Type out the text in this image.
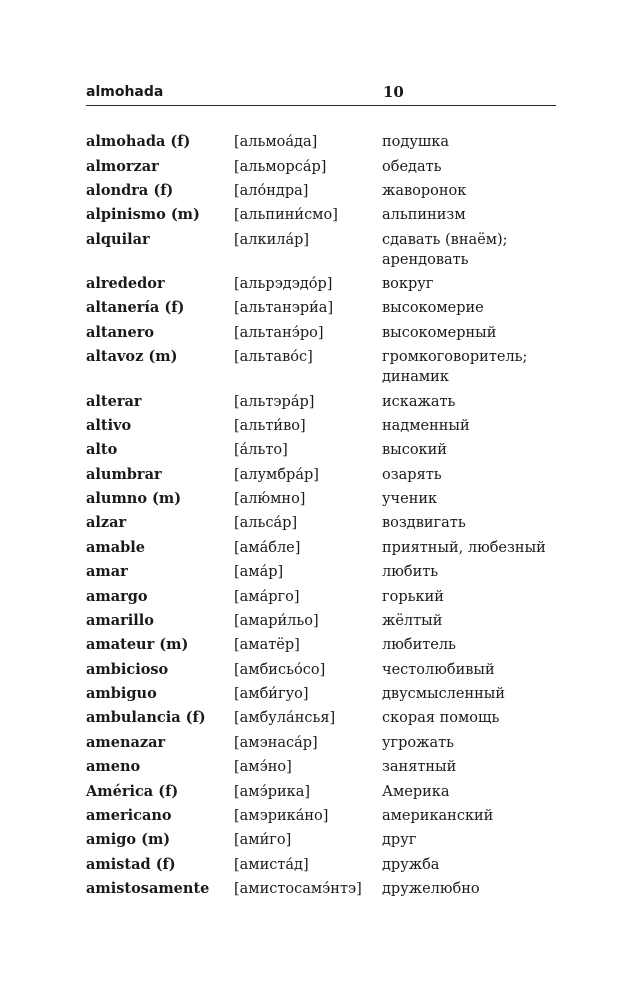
almohada	10
almohada (f)	[альмоа́да]	подушка
almorzar	[альморса́р]	обедать
alondra (f)	[ало́ндра]	жаворонок
alpinismo (m)	[альпини́смо]	альпинизм
alquilar	[алкила́р]	сдавать (внаём); арендовать
alrededor	[альрэдэдо́р]	вокруг
altanería (f)	[альтанэри́а]	высокомерие
altanero	[альтанэ́ро]	высокомерный
altavoz (m)	[альтаво́с]	громкоговоритель; динамик
alterar	[альтэра́р]	искажать
altivo	[альти́во]	надменный
alto	[а́льто]	высокий
alumbrar	[алумбра́р]	озарять
alumno (m)	[алю́мно]	ученик
alzar	[альса́р]	воздвигать
amable	[ама́бле]	приятный, любезный
amar	[ама́р]	любить
amargo	[ама́рго]	горький
amarillo	[амари́льо]	жёлтый
amateur (m)	[аматёр]	любитель
ambicioso	[амбисьо́со]	честолюбивый
ambiguo	[амби́гуо]	двусмысленный
ambulancia (f)	[амбула́нсья]	скорая помощь
amenazar	[амэнаса́р]	угрожать
ameno	[амэ́но]	занятный
América (f)	[амэ́рика]	Америка
americano	[амэрика́но]	американский
amigo (m)	[ами́го]	друг
amistad (f)	[амиста́д]	дружба
amistosamente	[амистосамэ́нтэ]	дружелюбно
